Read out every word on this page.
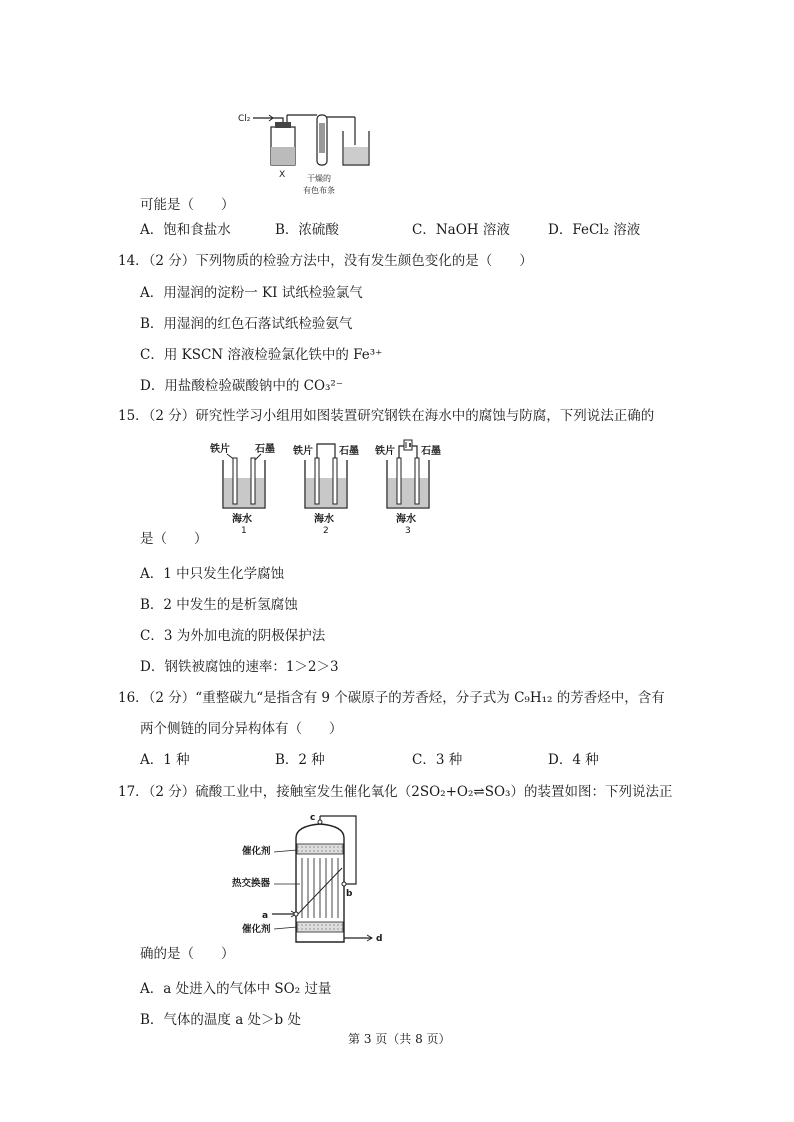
Cl₂
X	干燥的
有色布条
可能是（　　）
A．饱和食盐水	B．浓硫酸	C．NaOH 溶液	D．FeCl₂ 溶液
14．（2 分）下列物质的检验方法中，没有发生颜色变化的是（　　）
A．用湿润的淀粉一 KI 试纸检验氯气
B．用湿润的红色石落试纸检验氨气
C．用 KSCN 溶液检验氯化铁中的 Fe³⁺
D．用盐酸检验碳酸钠中的 CO₃²⁻
15．（2 分）研究性学习小组用如图装置研究钢铁在海水中的腐蚀与防腐，下列说法正确的
铁片	石墨
海水
1
铁片	石墨
海水
2
铁片	石墨
海水
3
是（　　）
A．1 中只发生化学腐蚀
B．2 中发生的是析氢腐蚀
C．3 为外加电流的阴极保护法
D．钢铁被腐蚀的速率：1＞2＞3
16．（2 分）“重整碳九“是指含有 9 个碳原子的芳香烃，分子式为 C₉H₁₂ 的芳香烃中，含有
两个侧链的同分异构体有（　　）
A．1 种	B．2 种	C．3 种	D．4 种
17．（2 分）硫酸工业中，接触室发生催化氧化（2SO₂+O₂⇌SO₃）的装置如图：下列说法正
c
b
a
d
催化剂
热交换器
催化剂
确的是（　　）
A．a 处进入的气体中 SO₂ 过量
B．气体的温度 a 处＞b 处
第 3 页（共 8 页）
